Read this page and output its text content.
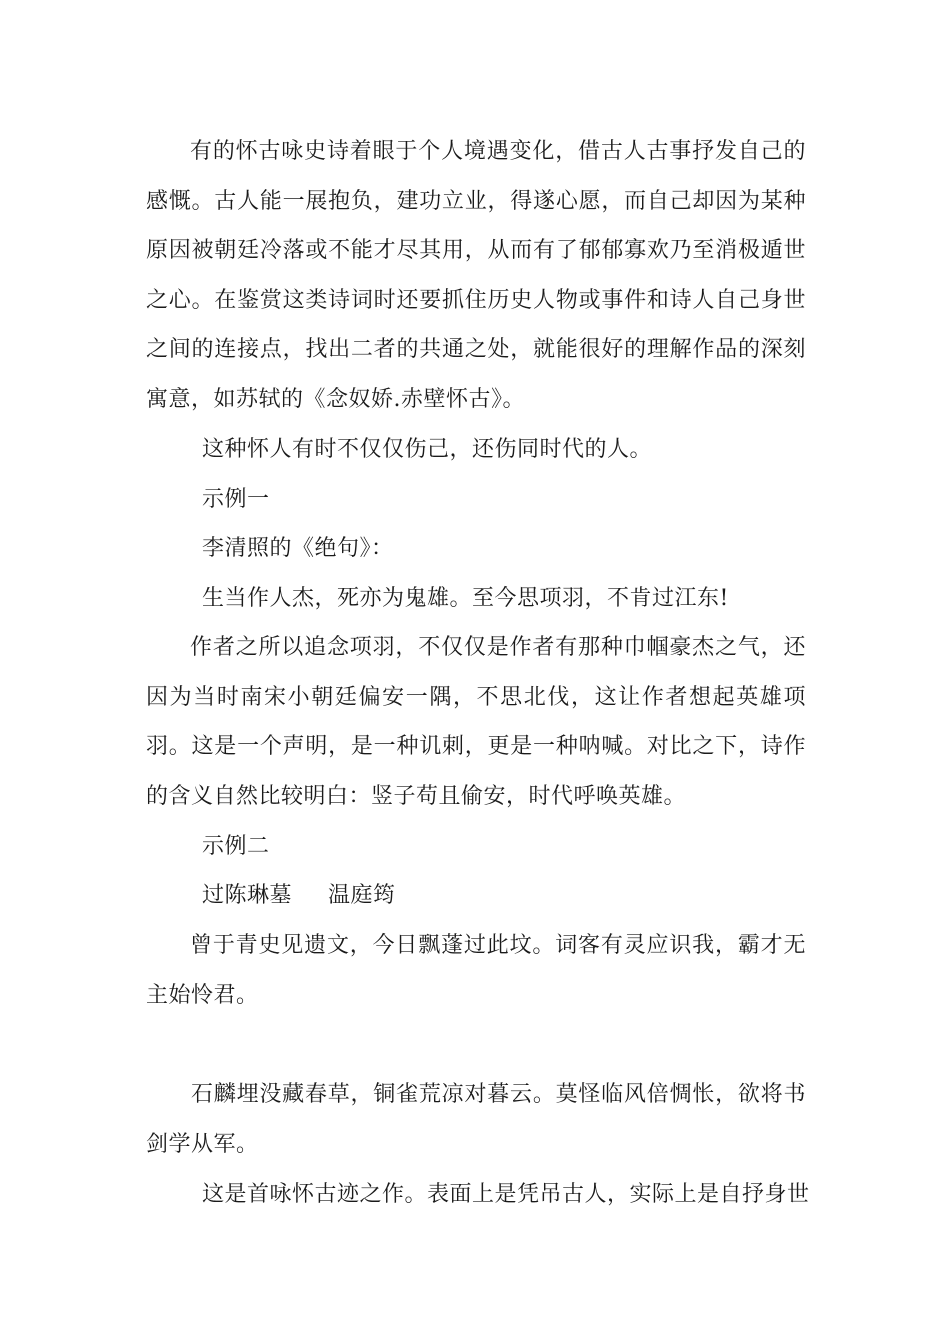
有的怀古咏史诗着眼于个人境遇变化，借古人古事抒发自己的感慨。古人能一展抱负，建功立业，得遂心愿，而自己却因为某种原因被朝廷冷落或不能才尽其用，从而有了郁郁寡欢乃至消极遁世之心。在鉴赏这类诗词时还要抓住历史人物或事件和诗人自己身世之间的连接点，找出二者的共通之处，就能很好的理解作品的深刻寓意，如苏轼的《念奴娇.赤壁怀古》。

这种怀人有时不仅仅伤己，还伤同时代的人。

示例一

李清照的《绝句》：

生当作人杰，死亦为鬼雄。至今思项羽，不肯过江东!

作者之所以追念项羽，不仅仅是作者有那种巾帼豪杰之气，还因为当时南宋小朝廷偏安一隅，不思北伐，这让作者想起英雄项羽。这是一个声明，是一种讥刺，更是一种呐喊。对比之下，诗作的含义自然比较明白：竖子苟且偷安，时代呼唤英雄。

示例二

过陈琳墓 温庭筠

曾于青史见遗文，今日飘蓬过此坟。词客有灵应识我，霸才无主始怜君。

石麟埋没藏春草，铜雀荒凉对暮云。莫怪临风倍惆怅，欲将书剑学从军。

这是首咏怀古迹之作。表面上是凭吊古人，实际上是自抒身世
